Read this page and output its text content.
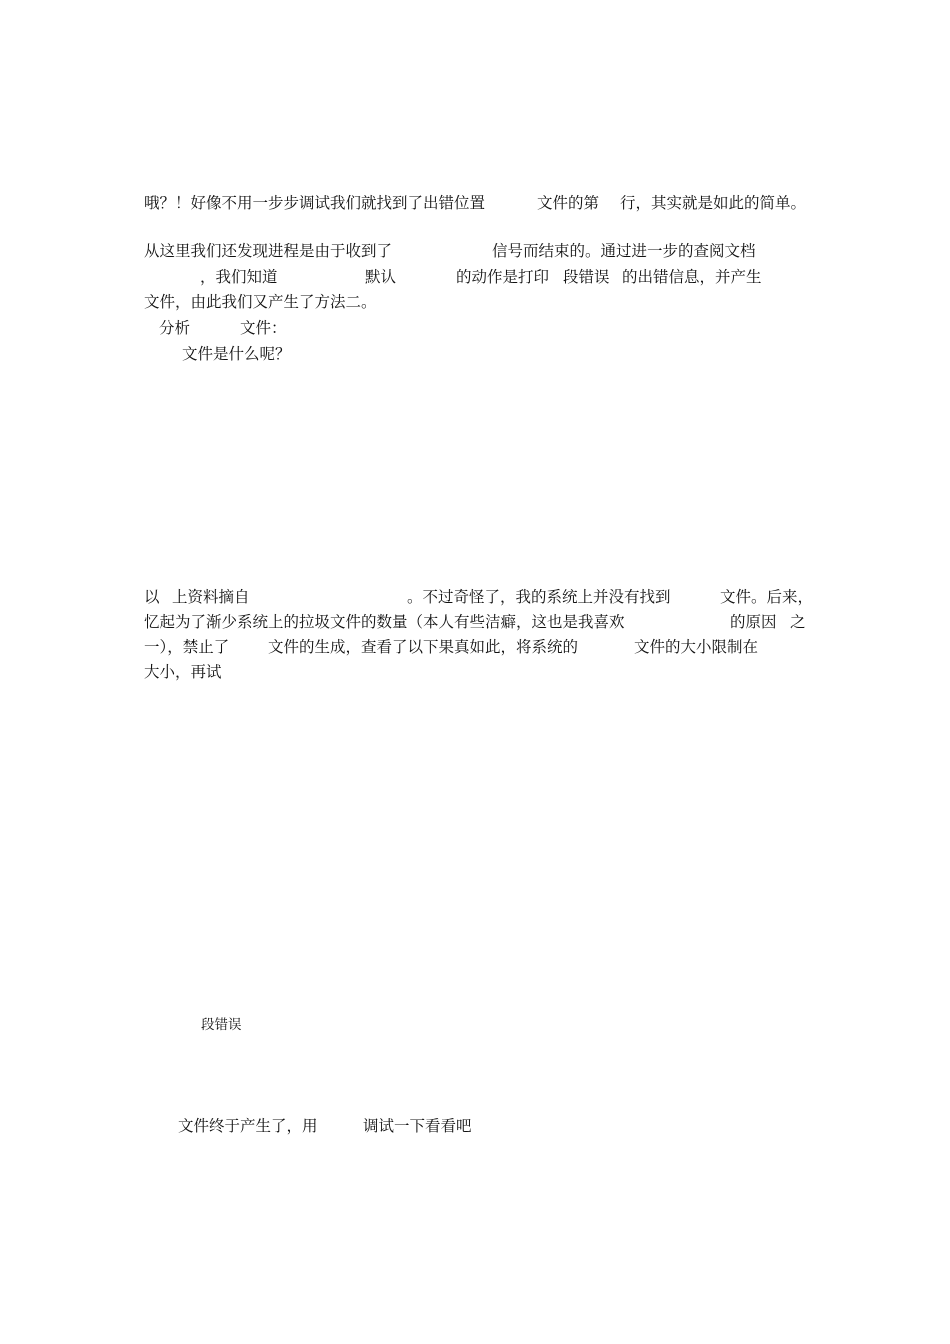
哦？！好像不用一步步调试我们就找到了出错位置	文件的第 行，其实就是如此的简单。
从这里我们还发现进程是由于收到了	信号而结束的。通过进一步的查阅文档
，我们知道	默认	的动作是打印 段错误 的出错信息，并产生
文件，由此我们又产生了方法二。
分析	文件：
文件是什么呢？
以 上资料摘自	。不过奇怪了，我的系统上并没有找到	文件。后来，
忆起为了渐少系统上的拉圾文件的数量（本人有些洁癖，这也是我喜欢	的原因 之
一），禁止了 文件的生成，查看了以下果真如此，将系统的	文件的大小限制在
大小，再试
段错误
文件终于产生了，用	调试一下看看吧
